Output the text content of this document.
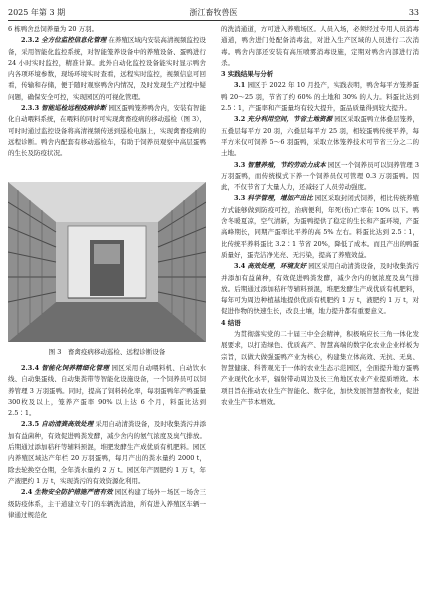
2025 年第 3 期	浙江畜牧兽医	33

6 栋鸭舍总饲养量为 20 万羽。

2.3.2 全方位监控信息化管理 在养殖区域内安装高清视频监控设备，采用智能化监控系统，对智能笼养设备中的养殖设备、蛋鸭进行 24 小时实时监控，精准计算。此外自动化监控设备能实时显示鸭舍内各项环境参数，现场环境实时查看，远程实时监控，视频信息可回看，传输和存储，便于随时观察鸭舍内情况，及时发现生产过程中疑问题，确保安全可控，实现园区的可视化管理。

2.3.3 智能巡检远程疫病诊断 园区蛋鸭笼养鸭舍内，安装有智能化自动喂料系统，在喂料的同时可实现禽畜疫病的移动巡检（图 3），可时时通过监控设备将高清视频传送到巡检电脑上，实现禽畜疫病的远程诊断。鸭舍内配套有移动巡检车，有助于饲养员观察中高层蛋鸭的生长及防疫状况。

图 3　畜禽疫病移动巡检、远程诊断设备

2.3.4 智能化饲养精细化管理 园区采用自动喂料机、自动饮水线、自动集蛋线、自动集粪带等智能化设施设备，一个饲养员可以饲养管理 3 万羽蛋鸭。同时，提高了饲料转化率，每羽蛋鸭年产鸭蛋量 300枚及以上，笼养产蛋率 90% 以上达 6 个月，料蛋比达到 2.5∶1。

2.3.5 自动清粪高效处理 采用自动清粪设备，及时收集粪污并添加有益菌种，有效促进鸭粪发酵，减少舍内的氨气浓度及臭气排放。后期通过添加秸秆等辅料预混，堆肥发酵生产成优质有机肥料。园区内养殖区域达产年栏 20 万羽蛋鸭，每月产出的粪水量约 2000 t，除去轮换空仓期，全年粪水量约 2 万 t。园区年产固肥约 1 万 t，年产液肥约 1 万 t，实现粪污的有效资源化利用。

2.4 生物安全防护措施严密有效 园区构建了场外－场区－场舍三级防疫体系，主干道建立专门的车辆洗消池，所有进入养殖区车辆一律通过规范化

的洗消通道，方可进入养殖场区。人员入场，必须经过专用人员消毒通道，鸭舍进门处配备消毒盆，对进入生产区域的人员进行二次消毒。鸭舍内部还安装有高压喷雾消毒设施，定期对鸭舍内部进行消杀。

3 实践结果与分析

3.1 园区于 2022 年 10 月投产，实践表明，鸭舍每平方笼养蛋鸭 20～25 羽，节省了约 60% 的土地和 30% 的人力。料蛋比达到 2.5∶1，产蛋率和产蛋量均有较大提升，蛋品质量得到较大提升。

3.2 充分利用空间，节省土地资源 园区采取蛋鸭立体叠层笼养，五叠层每平方 20 羽，六叠层每平方 25 羽，相较蛋鸭传统平养，每平方米仅可饲养 5～6 羽蛋鸭，采取立体笼养技术可节省三分之二的土地。

3.3 智慧养殖，节约劳动力成本 园区一个饲养员可以饲养管理 3 万羽蛋鸭，而传统模式下养一个饲养员仅可管理 0.3 万羽蛋鸭。因此，不仅节省了大量人力，还减轻了人员劳动强度。

3.3 科学管理，增加产出比 园区采取封闭式饲养，相比传统养殖方式能够做到防疫可控，治病便利，年死(伤)亡率在 10% 以下。鸭舍冬暖夏凉，空气清新，为蛋鸭提供了稳定的生长和产蛋环境，产蛋高峰期长，同期产蛋率比平养的高 5% 左右。料蛋比达到 2.5∶1，比传统平养料蛋比 3.2∶1 节省 20%，降低了成本。而且产出的鸭蛋质量好，蛋壳洁净光亮、无污染，提高了养殖效益。

3.4 高效处理，环境友好 园区采用自动清粪设备，及时收集粪污并添加有益菌种，有效促进鸭粪发酵，减少舍内的氨浓度及臭气排放。后期通过添加秸秆等辅料预混，堆肥发酵生产成优质有机肥料，每年可为周边种植基地提供优质有机肥约 1 万 t，液肥约 1 万 t，对促进作物的快速生长，改良土壤，地力提升都有重要意义。

4 结语

为贯彻落实党的二十届三中全会精神，积极响应长三角一体化发展要求，以打造绿色、优质高产、智慧高端的数字化农业企业样板为宗旨，以做大做强蛋鸭产业为核心，构建集立体高效、无抗、无臭、智慧健康、科普观光于一体的农业生态示范园区，全面提升地方蛋鸭产业现代化水平，辐射带动周边及长三角地区农业产业提质增效。本项目旨在推动农业生产智能化、数字化，加快发展智慧畜牧业，促进农业生产节本增效。
